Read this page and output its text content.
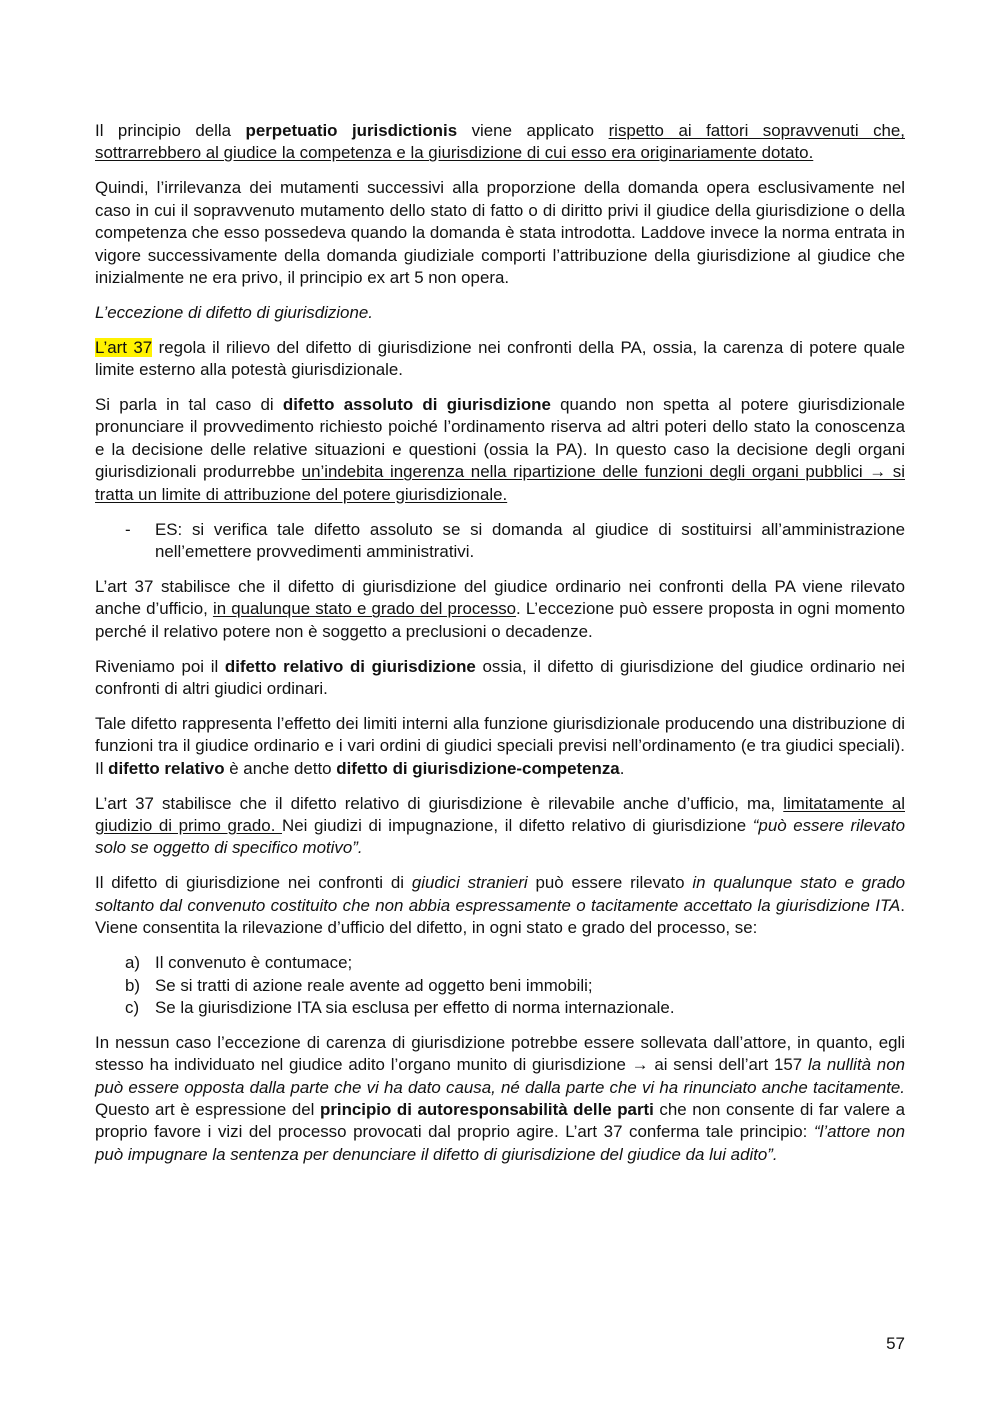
Il principio della perpetuatio jurisdictionis viene applicato rispetto ai fattori sopravvenuti che, sottrarrebbero al giudice la competenza e la giurisdizione di cui esso era originariamente dotato.

Quindi, l’irrilevanza dei mutamenti successivi alla proporzione della domanda opera esclusivamente nel caso in cui il sopravvenuto mutamento dello stato di fatto o di diritto privi il giudice della giurisdizione o della competenza che esso possedeva quando la domanda è stata introdotta. Laddove invece la norma entrata in vigore successivamente della domanda giudiziale comporti l’attribuzione della giurisdizione al giudice che inizialmente ne era privo, il principio ex art 5 non opera.

L’eccezione di difetto di giurisdizione.

L’art 37 regola il rilievo del difetto di giurisdizione nei confronti della PA, ossia, la carenza di potere quale limite esterno alla potestà giurisdizionale.

Si parla in tal caso di difetto assoluto di giurisdizione quando non spetta al potere giurisdizionale pronunciare il provvedimento richiesto poiché l’ordinamento riserva ad altri poteri dello stato la conoscenza e la decisione delle relative situazioni e questioni (ossia la PA). In questo caso la decisione degli organi giurisdizionali produrrebbe un’indebita ingerenza nella ripartizione delle funzioni degli organi pubblici → si tratta un limite di attribuzione del potere giurisdizionale.

- ES: si verifica tale difetto assoluto se si domanda al giudice di sostituirsi all’amministrazione nell’emettere provvedimenti amministrativi.

L’art 37 stabilisce che il difetto di giurisdizione del giudice ordinario nei confronti della PA viene rilevato anche d’ufficio, in qualunque stato e grado del processo. L’eccezione può essere proposta in ogni momento perché il relativo potere non è soggetto a preclusioni o decadenze.

Riveniamo poi il difetto relativo di giurisdizione ossia, il difetto di giurisdizione del giudice ordinario nei confronti di altri giudici ordinari.

Tale difetto rappresenta l’effetto dei limiti interni alla funzione giurisdizionale producendo una distribuzione di funzioni tra il giudice ordinario e i vari ordini di giudici speciali previsi nell’ordinamento (e tra giudici speciali). Il difetto relativo è anche detto difetto di giurisdizione-competenza.

L’art 37 stabilisce che il difetto relativo di giurisdizione è rilevabile anche d’ufficio, ma, limitatamente al giudizio di primo grado. Nei giudizi di impugnazione, il difetto relativo di giurisdizione “può essere rilevato solo se oggetto di specifico motivo”.

Il difetto di giurisdizione nei confronti di giudici stranieri può essere rilevato in qualunque stato e grado soltanto dal convenuto costituito che non abbia espressamente o tacitamente accettato la giurisdizione ITA. Viene consentita la rilevazione d’ufficio del difetto, in ogni stato e grado del processo, se:

a) Il convenuto è contumace;
b) Se si tratti di azione reale avente ad oggetto beni immobili;
c) Se la giurisdizione ITA sia esclusa per effetto di norma internazionale.

In nessun caso l’eccezione di carenza di giurisdizione potrebbe essere sollevata dall’attore, in quanto, egli stesso ha individuato nel giudice adito l’organo munito di giurisdizione → ai sensi dell’art 157 la nullità non può essere opposta dalla parte che vi ha dato causa, né dalla parte che vi ha rinunciato anche tacitamente. Questo art è espressione del principio di autoresponsabilità delle parti che non consente di far valere a proprio favore i vizi del processo provocati dal proprio agire. L’art 37 conferma tale principio: “l’attore non può impugnare la sentenza per denunciare il difetto di giurisdizione del giudice da lui adito”.

57
